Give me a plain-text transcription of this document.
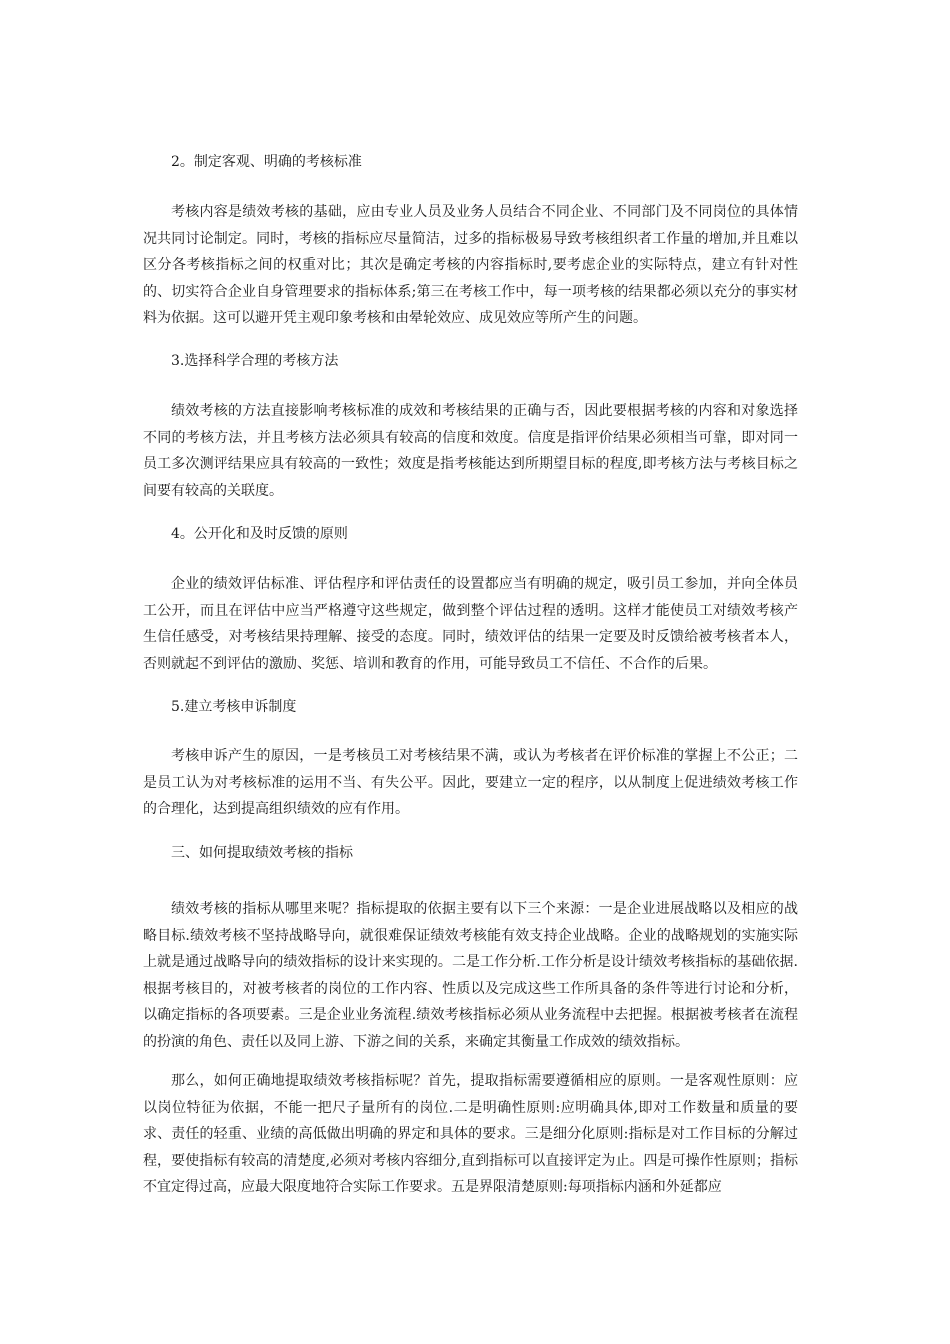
2。制定客观、明确的考核标准

考核内容是绩效考核的基础，应由专业人员及业务人员结合不同企业、不同部门及不同岗位的具体情况共同讨论制定。同时，考核的指标应尽量简洁，过多的指标极易导致考核组织者工作量的增加,并且难以区分各考核指标之间的权重对比；其次是确定考核的内容指标时,要考虑企业的实际特点，建立有针对性的、切实符合企业自身管理要求的指标体系;第三在考核工作中，每一项考核的结果都必须以充分的事实材料为依据。这可以避开凭主观印象考核和由晕轮效应、成见效应等所产生的问题。

3.选择科学合理的考核方法

绩效考核的方法直接影响考核标准的成效和考核结果的正确与否，因此要根据考核的内容和对象选择不同的考核方法，并且考核方法必须具有较高的信度和效度。信度是指评价结果必须相当可靠，即对同一员工多次测评结果应具有较高的一致性；效度是指考核能达到所期望目标的程度,即考核方法与考核目标之间要有较高的关联度。

4。公开化和及时反馈的原则

企业的绩效评估标准、评估程序和评估责任的设置都应当有明确的规定，吸引员工参加，并向全体员工公开，而且在评估中应当严格遵守这些规定，做到整个评估过程的透明。这样才能使员工对绩效考核产生信任感受，对考核结果持理解、接受的态度。同时，绩效评估的结果一定要及时反馈给被考核者本人，否则就起不到评估的激励、奖惩、培训和教育的作用，可能导致员工不信任、不合作的后果。

5.建立考核申诉制度

考核申诉产生的原因，一是考核员工对考核结果不满，或认为考核者在评价标准的掌握上不公正；二是员工认为对考核标准的运用不当、有失公平。因此，要建立一定的程序，以从制度上促进绩效考核工作的合理化，达到提高组织绩效的应有作用。

三、如何提取绩效考核的指标

绩效考核的指标从哪里来呢？指标提取的依据主要有以下三个来源：一是企业进展战略以及相应的战略目标.绩效考核不坚持战略导向，就很难保证绩效考核能有效支持企业战略。企业的战略规划的实施实际上就是通过战略导向的绩效指标的设计来实现的。二是工作分析.工作分析是设计绩效考核指标的基础依据.根据考核目的，对被考核者的岗位的工作内容、性质以及完成这些工作所具备的条件等进行讨论和分析，以确定指标的各项要素。三是企业业务流程.绩效考核指标必须从业务流程中去把握。根据被考核者在流程的扮演的角色、责任以及同上游、下游之间的关系，来确定其衡量工作成效的绩效指标。

那么，如何正确地提取绩效考核指标呢？首先，提取指标需要遵循相应的原则。一是客观性原则：应以岗位特征为依据，不能一把尺子量所有的岗位.二是明确性原则:应明确具体,即对工作数量和质量的要求、责任的轻重、业绩的高低做出明确的界定和具体的要求。三是细分化原则:指标是对工作目标的分解过程，要使指标有较高的清楚度,必须对考核内容细分,直到指标可以直接评定为止。四是可操作性原则；指标不宜定得过高，应最大限度地符合实际工作要求。五是界限清楚原则:每项指标内涵和外延都应
